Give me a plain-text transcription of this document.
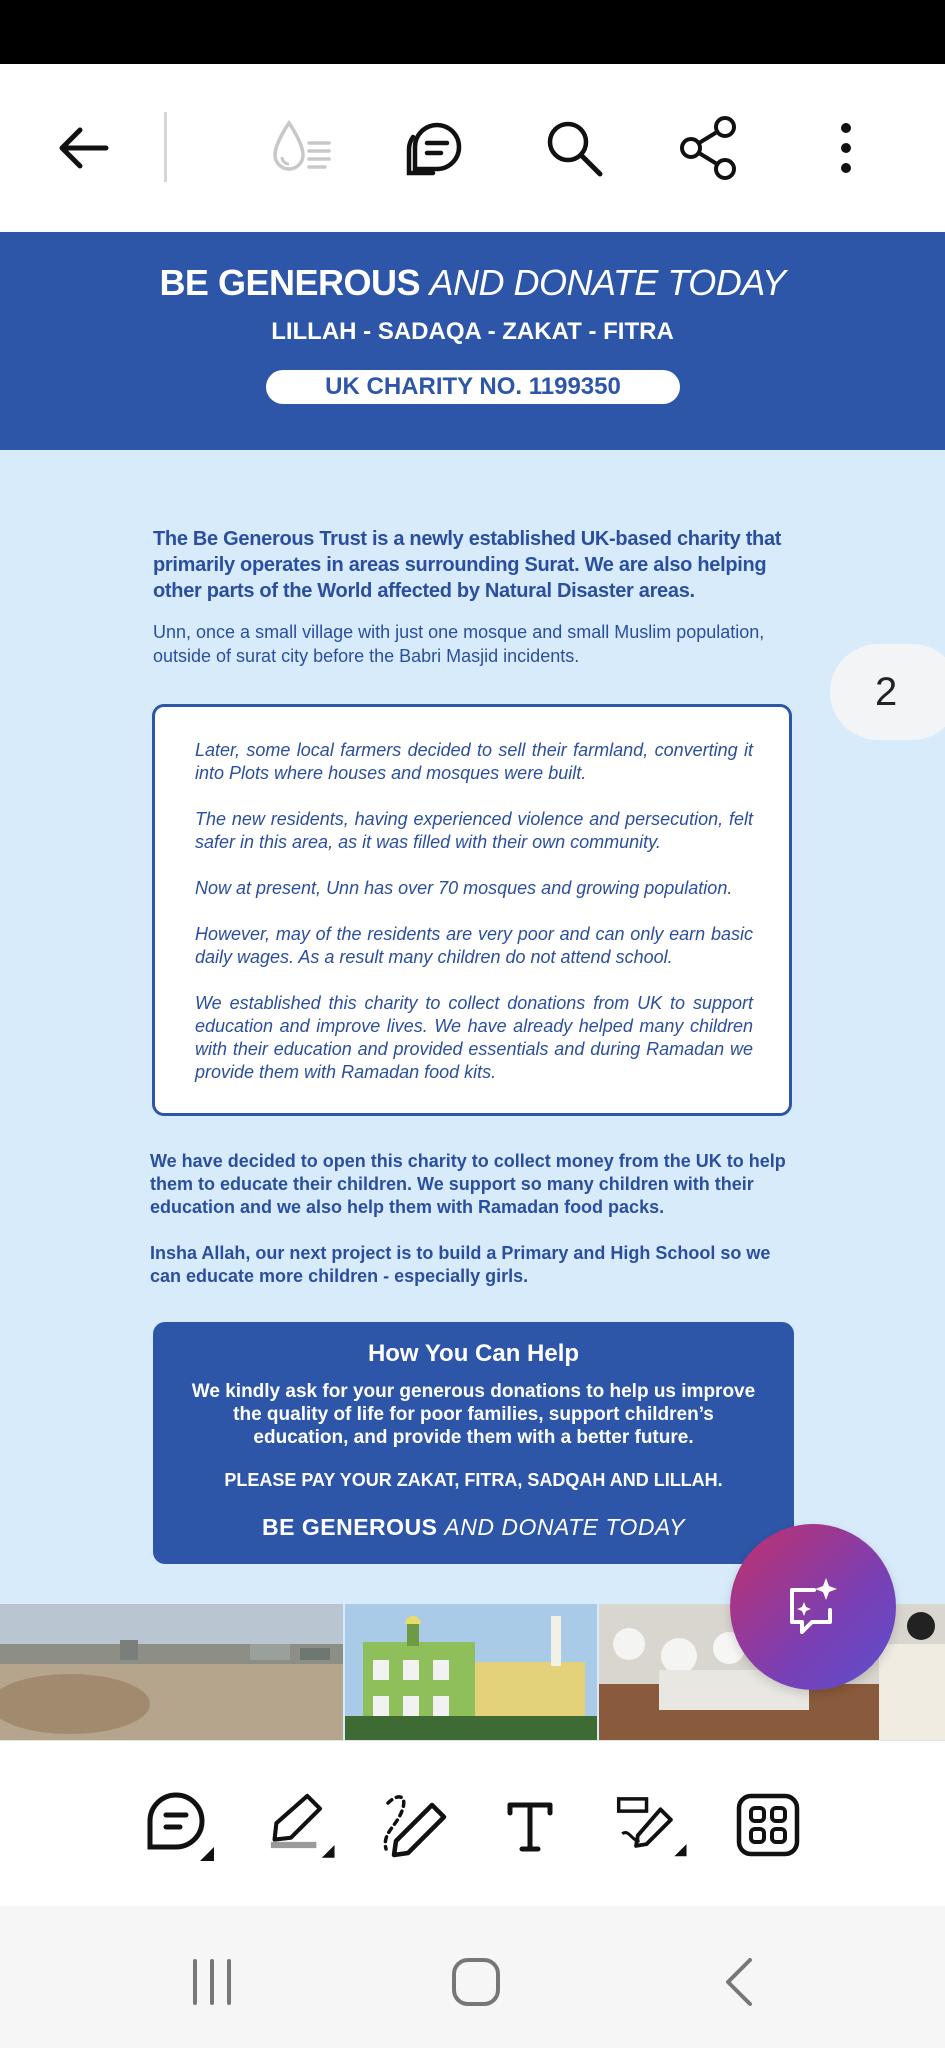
BE GENEROUS AND DONATE TODAY
LILLAH - SADAQA - ZAKAT - FITRA
UK CHARITY NO. 1199350
The Be Generous Trust is a newly established UK-based charity that primarily operates in areas surrounding Surat. We are also helping other parts of the World affected by Natural Disaster areas.
Unn, once a small village with just one mosque and small Muslim population, outside of surat city before the Babri Masjid incidents.

Later, some local farmers decided to sell their farmland, converting it into Plots where houses and mosques were built.

The new residents, having experienced violence and persecution, felt safer in this area, as it was filled with their own community.

Now at present, Unn has over 70 mosques and growing population.

However, may of the residents are very poor and can only earn basic daily wages. As a result many children do not attend school.

We established this charity to collect donations from UK to support education and improve lives. We have already helped many children with their education and provided essentials and during Ramadan we provide them with Ramadan food kits.

We have decided to open this charity to collect money from the UK to help them to educate their children. We support so many children with their education and we also help them with Ramadan food packs.
Insha Allah, our next project is to build a Primary and High School so we can educate more children - especially girls.
How You Can Help
We kindly ask for your generous donations to help us improve the quality of life for poor families, support children’s education, and provide them with a better future.
PLEASE PAY YOUR ZAKAT, FITRA, SADQAH AND LILLAH.
BE GENEROUS AND DONATE TODAY
2
